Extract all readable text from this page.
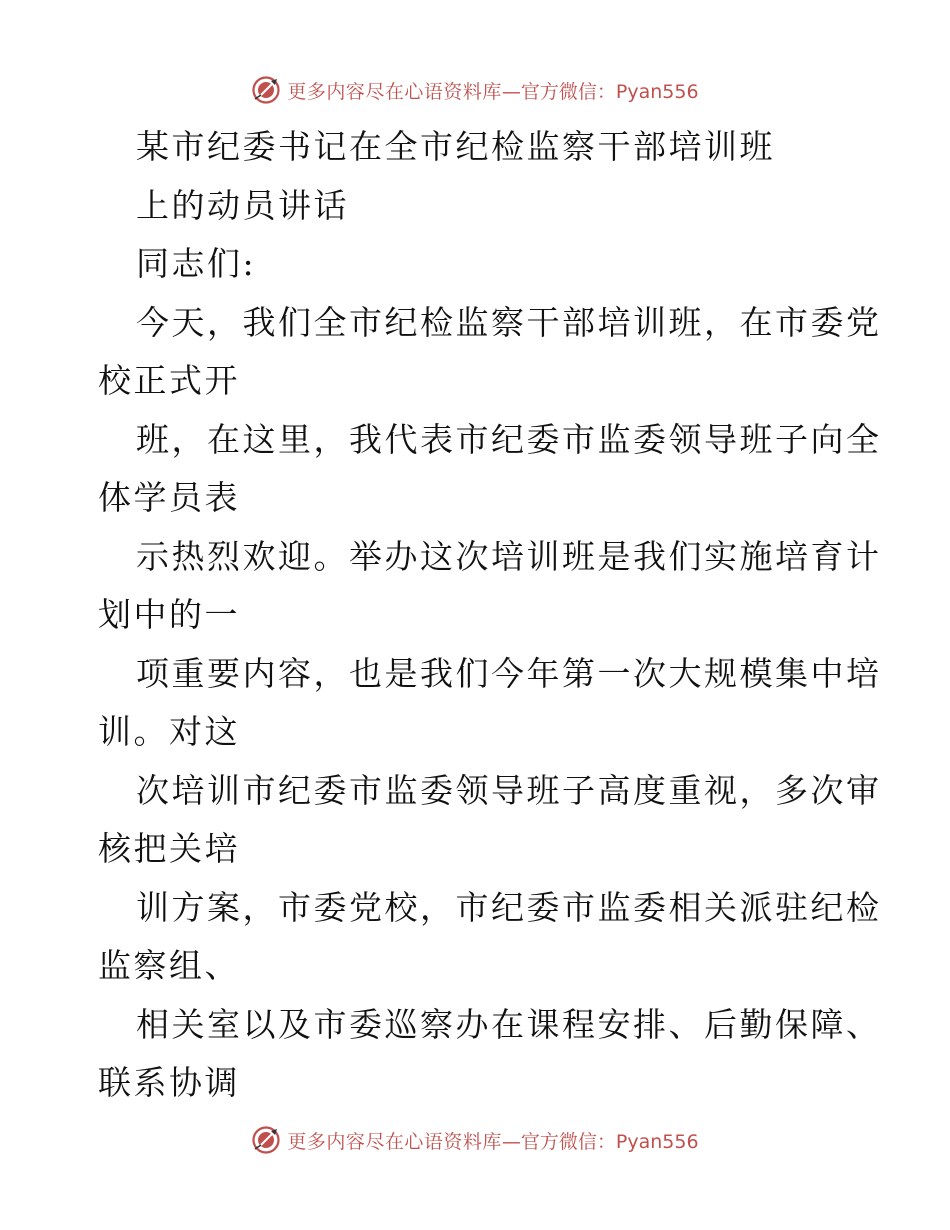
更多内容尽在心语资料库 —官方微信：Pyan556
某市纪委书记在全市纪检监察干部培训班
上的动员讲话
同志们:
今天，我们全市纪检监察干部培训班，在市委党
校正式开
班，在这里，我代表市纪委市监委领导班子向全
体学员表
示热烈欢迎。举办这次培训班是我们实施培育计
划中的一
项重要内容，也是我们今年第一次大规模集中培
训。对这
次培训市纪委市监委领导班子高度重视，多次审
核把关培
训方案，市委党校，市纪委市监委相关派驻纪检
监察组、
相关室以及市委巡察办在课程安排、后勤保障、
联系协调
更多内容尽在心语资料库 —官方微信：Pyan556
